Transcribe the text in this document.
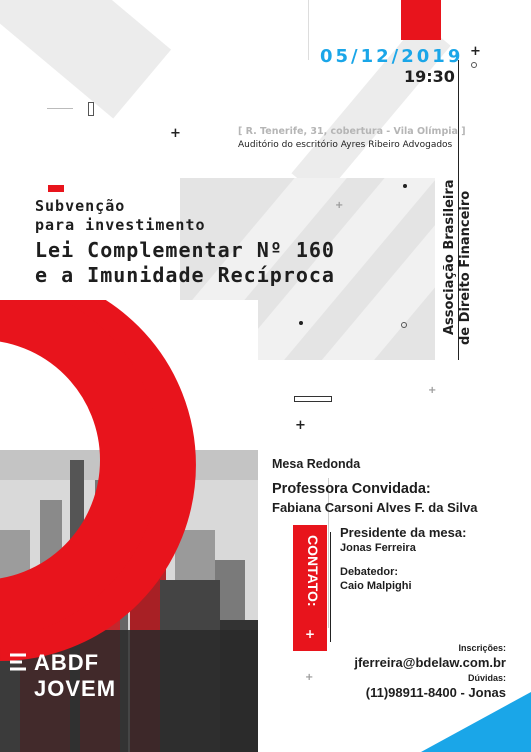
05/12/2019
19:30
[ R. Tenerife, 31, cobertura - Vila Olímpia ]
Auditório do escritório Ayres Ribeiro Advogados
+
+
+
+
+
+
Subvenção
para investimento
Lei Complementar Nº 160
e a Imunidade Recíproca	Associação Brasileira de Direito Financeiro
ABDF
JOVEM
Mesa Redonda
Professora Convidada:
Fabiana Carsoni Alves F. da Silva
CONTATO:
+
Presidente da mesa:
Jonas Ferreira
Debatedor:
Caio Malpighi
Inscrições:
jferreira@bdelaw.com.br
Dúvidas:
(11)98911-8400 - Jonas
